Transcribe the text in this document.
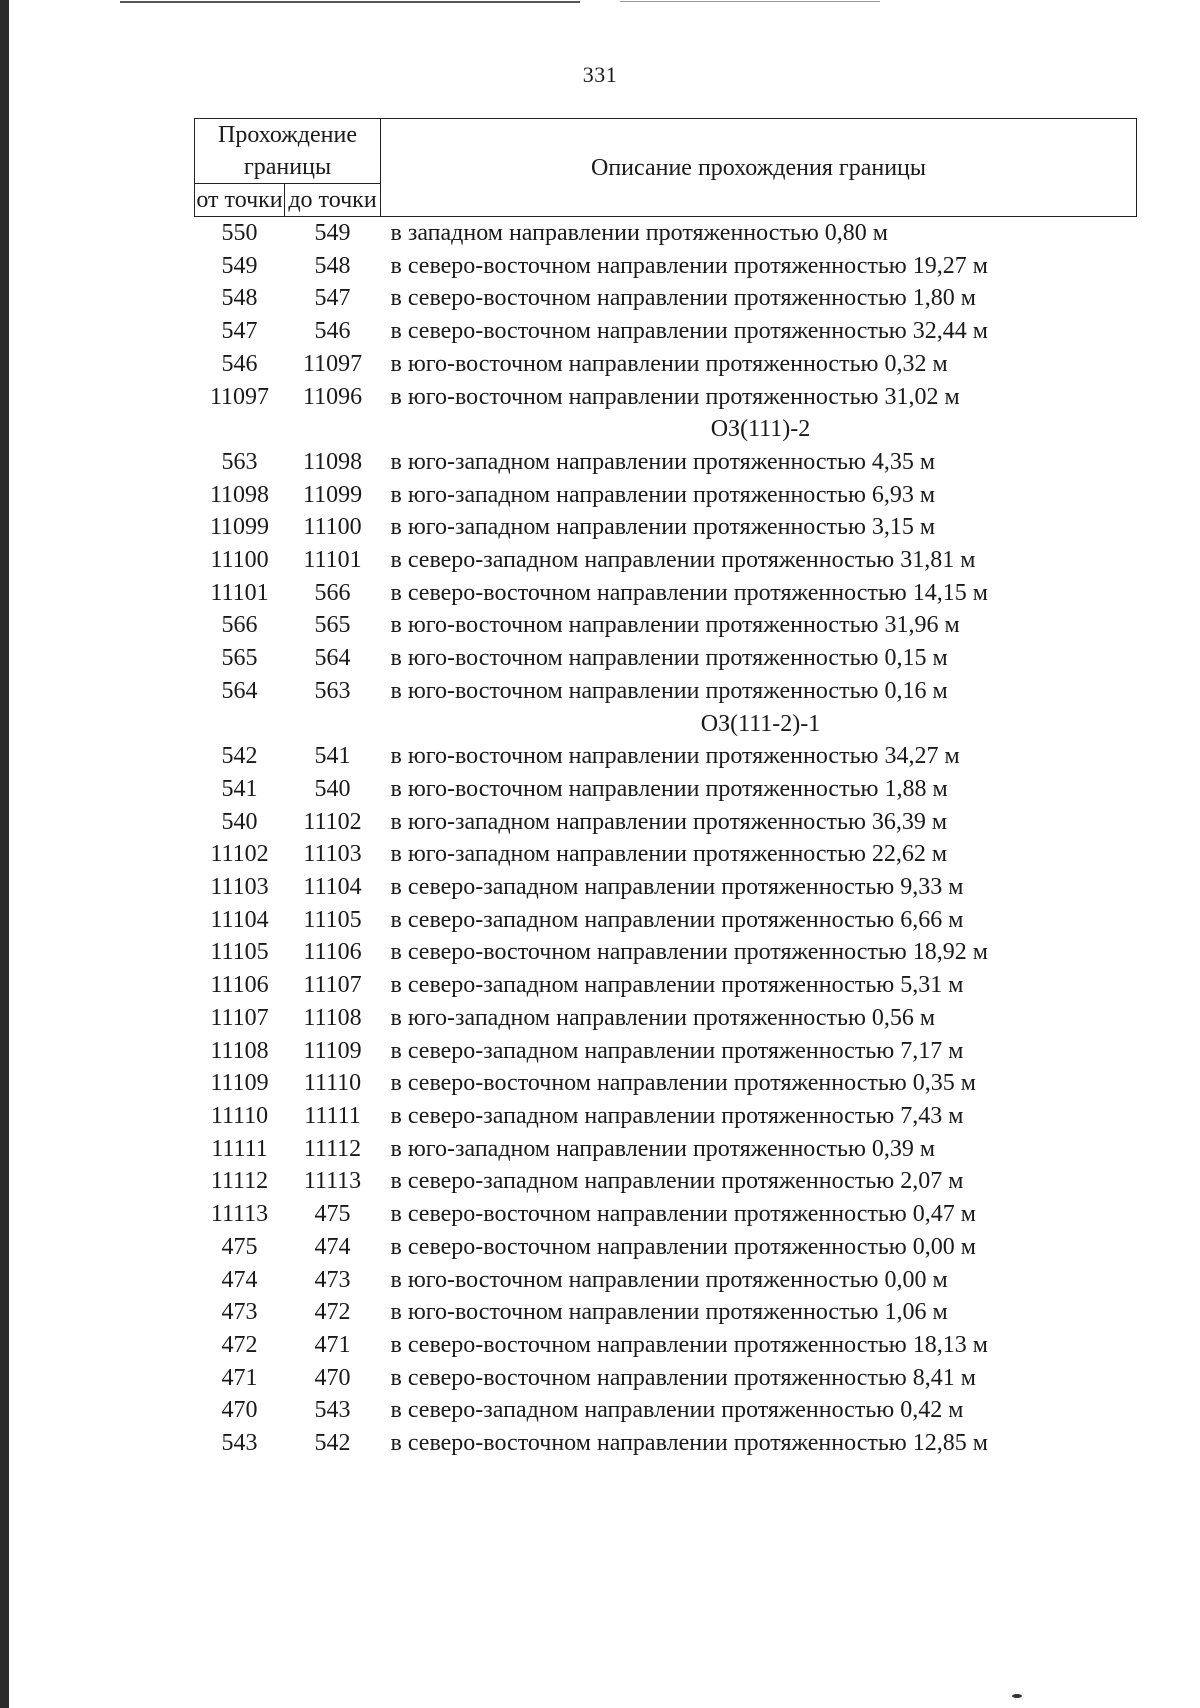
331
Прохождение границы		Описание прохождения границы
от точки	до точки	
550	549	в западном направлении протяженностью 0,80 м
549	548	в северо-восточном направлении протяженностью 19,27 м
548	547	в северо-восточном направлении протяженностью 1,80 м
547	546	в северо-восточном направлении протяженностью 32,44 м
546	11097	в юго-восточном направлении протяженностью 0,32 м
11097	11096	в юго-восточном направлении протяженностью 31,02 м
ОЗ(111)-2		
563	11098	в юго-западном направлении протяженностью 4,35 м
11098	11099	в юго-западном направлении протяженностью 6,93 м
11099	11100	в юго-западном направлении протяженностью 3,15 м
11100	11101	в северо-западном направлении протяженностью 31,81 м
11101	566	в северо-восточном направлении протяженностью 14,15 м
566	565	в юго-восточном направлении протяженностью 31,96 м
565	564	в юго-восточном направлении протяженностью 0,15 м
564	563	в юго-восточном направлении протяженностью 0,16 м
ОЗ(111-2)-1		
542	541	в юго-восточном направлении протяженностью 34,27 м
541	540	в юго-восточном направлении протяженностью 1,88 м
540	11102	в юго-западном направлении протяженностью 36,39 м
11102	11103	в юго-западном направлении протяженностью 22,62 м
11103	11104	в северо-западном направлении протяженностью 9,33 м
11104	11105	в северо-западном направлении протяженностью 6,66 м
11105	11106	в северо-восточном направлении протяженностью 18,92 м
11106	11107	в северо-западном направлении протяженностью 5,31 м
11107	11108	в юго-западном направлении протяженностью 0,56 м
11108	11109	в северо-западном направлении протяженностью 7,17 м
11109	11110	в северо-восточном направлении протяженностью 0,35 м
11110	11111	в северо-западном направлении протяженностью 7,43 м
11111	11112	в юго-западном направлении протяженностью 0,39 м
11112	11113	в северо-западном направлении протяженностью 2,07 м
11113	475	в северо-восточном направлении протяженностью 0,47 м
475	474	в северо-восточном направлении протяженностью 0,00 м
474	473	в юго-восточном направлении протяженностью 0,00 м
473	472	в юго-восточном направлении протяженностью 1,06 м
472	471	в северо-восточном направлении протяженностью 18,13 м
471	470	в северо-восточном направлении протяженностью 8,41 м
470	543	в северо-западном направлении протяженностью 0,42 м
543	542	в северо-восточном направлении протяженностью 12,85 м
